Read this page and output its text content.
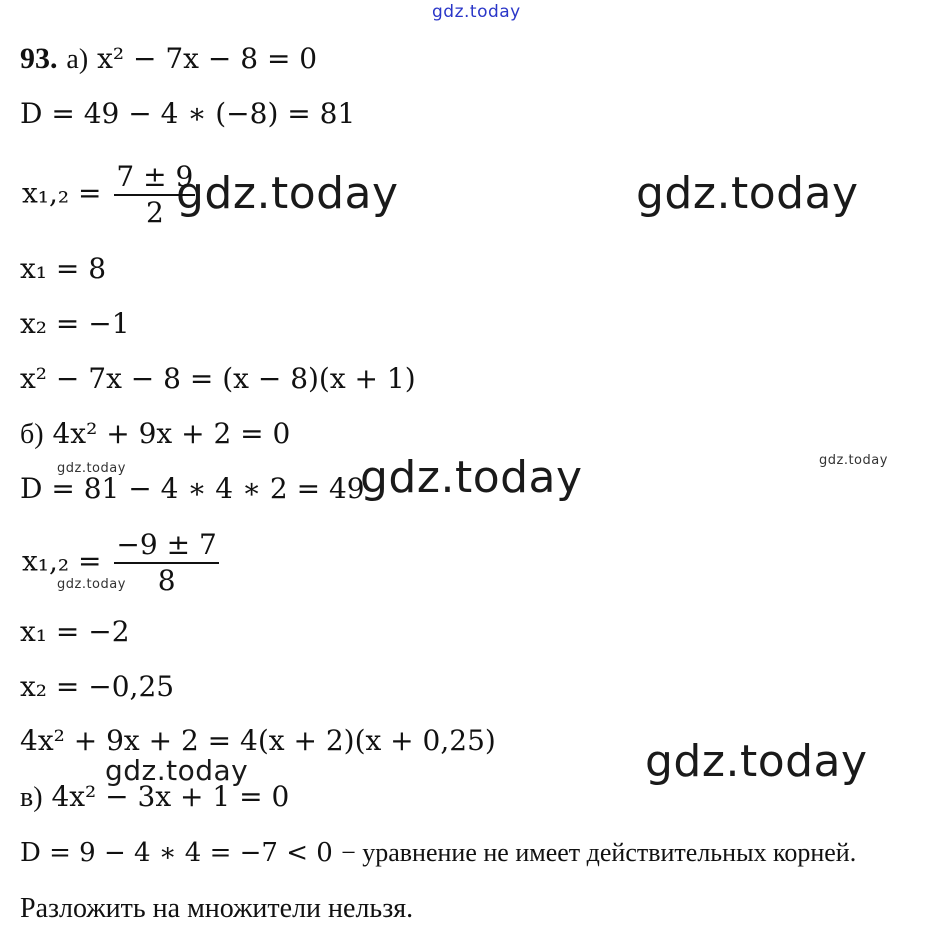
gdz.today
gdz.today	gdz.today
gdz.today
gdz.today
gdz.today
gdz.today
gdz.today
gdz.today
93. а) x² − 7x − 8 = 0
D = 49 − 4 ∗ (−8) = 81
$x_1,_2 = \frac{7 \pm 9}{2}$
x₁ = 8
x₂ = −1
x² − 7x − 8 = (x − 8)(x + 1)
б) 4x² + 9x + 2 = 0
D = 81 − 4 ∗ 4 ∗ 2 = 49
$x_1,_2 = \frac{-9 \pm 7}{8}$
x₁ = −2
x₂ = −0,25
4x² + 9x + 2 = 4(x + 2)(x + 0,25)
в) 4x² − 3x + 1 = 0
D = 9 − 4 ∗ 4 = −7 < 0 − уравнение не имеет действительных корней.
Разложить на множители нельзя.
